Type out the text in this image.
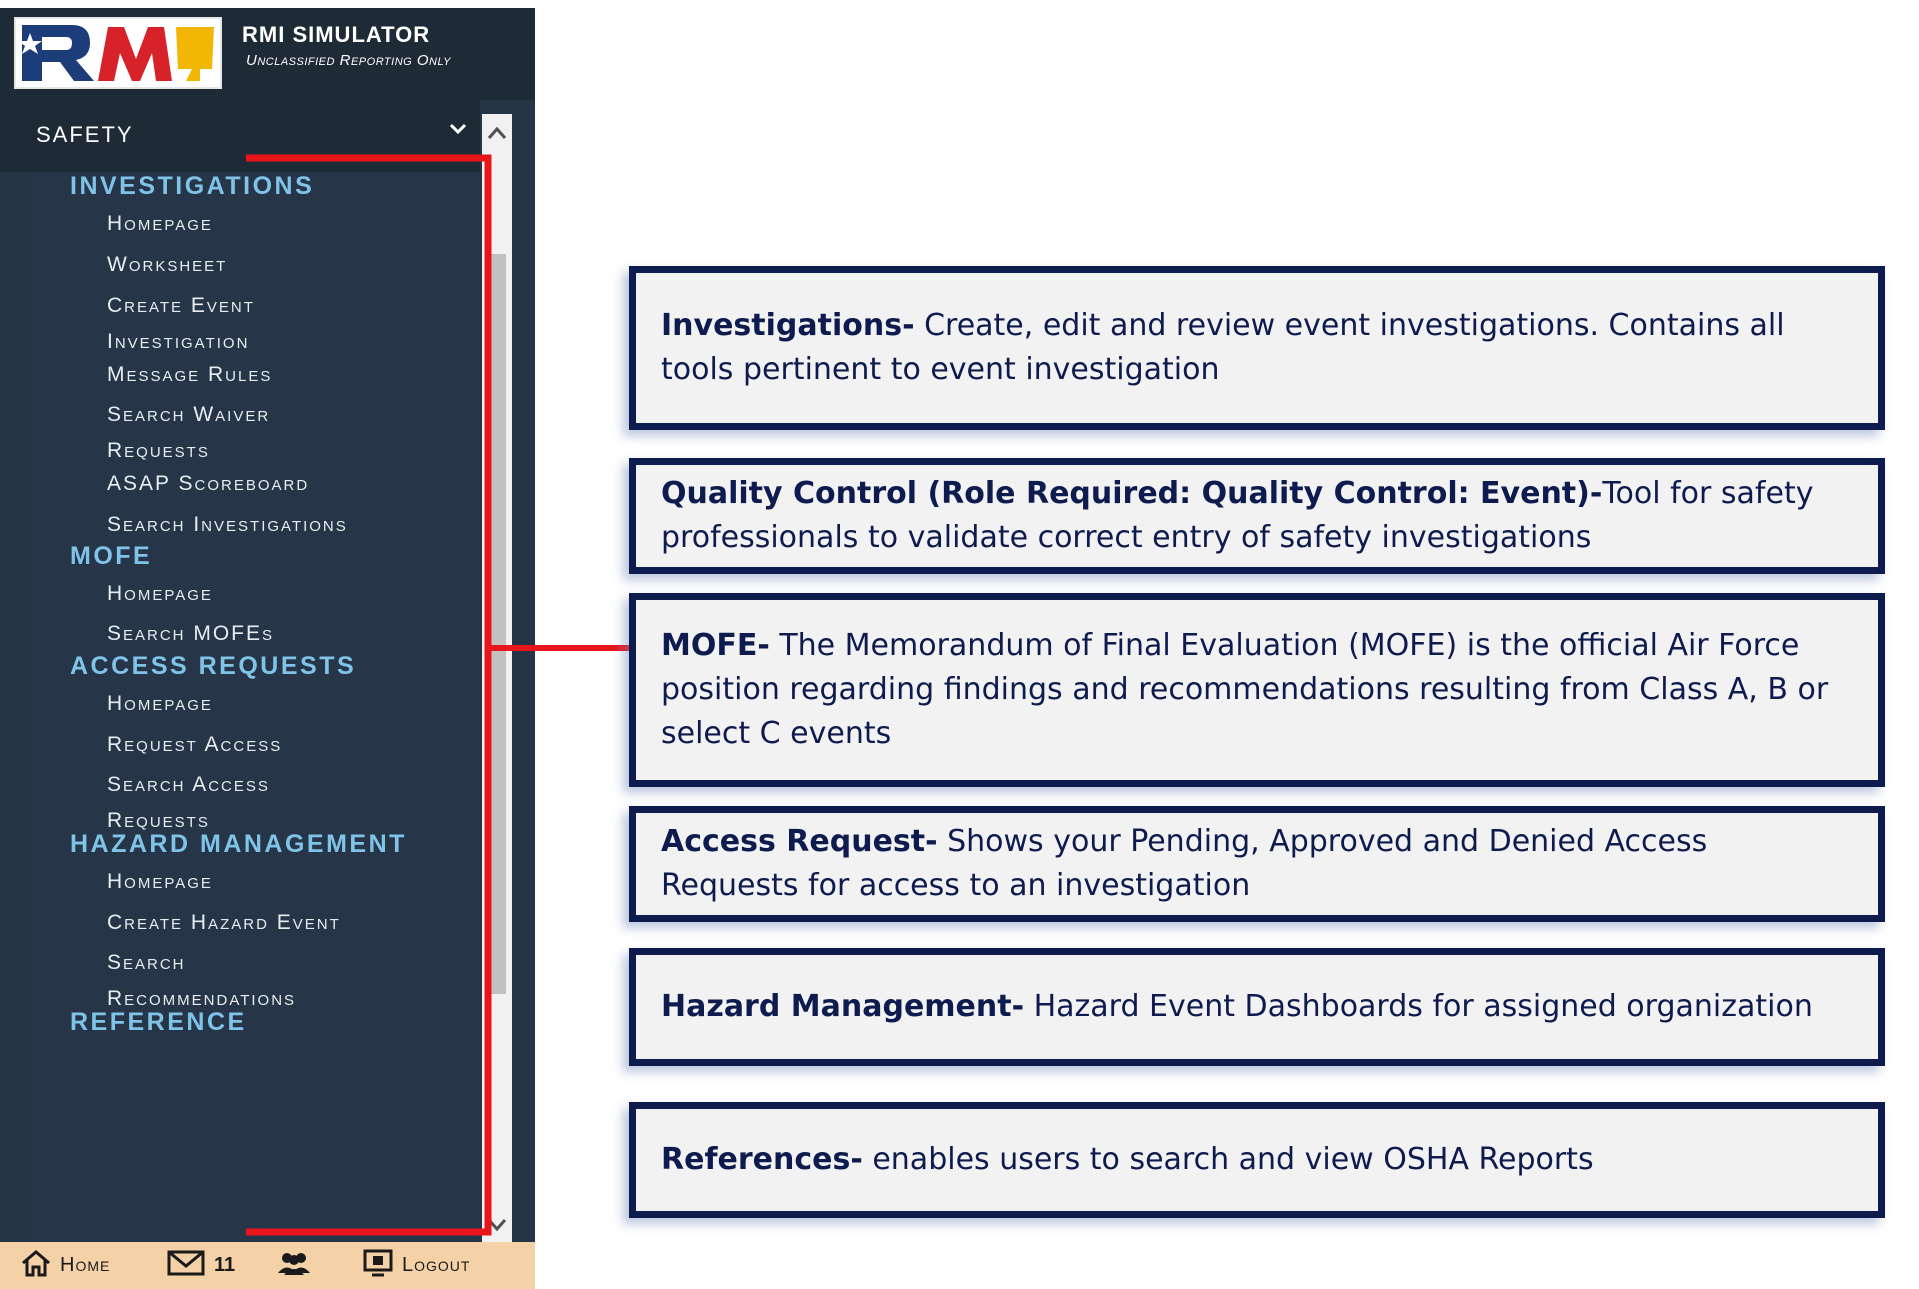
RMI
RMI SIMULATOR
Unclassified Reporting Only
SAFETY
INVESTIGATIONS
Homepage
Worksheet
Create Event Investigation
Message Rules
Search Waiver Requests
ASAP Scoreboard
Search Investigations
MOFE
Homepage
Search MOFEs
ACCESS REQUESTS
Homepage
Request Access
Search Access Requests
HAZARD MANAGEMENT
Homepage
Create Hazard Event
Search Recommendations
REFERENCE
Home	11	Logout

Investigations- Create, edit and review event investigations. Contains all tools pertinent to event investigation

Quality Control (Role Required: Quality Control: Event)-Tool for safety professionals to validate correct entry of safety investigations

MOFE- The Memorandum of Final Evaluation (MOFE) is the official Air Force position regarding findings and recommendations resulting from Class A, B or select C events

Access Request- Shows your Pending, Approved and Denied Access Requests for access to an investigation

Hazard Management- Hazard Event Dashboards for assigned organization

References- enables users to search and view OSHA Reports
